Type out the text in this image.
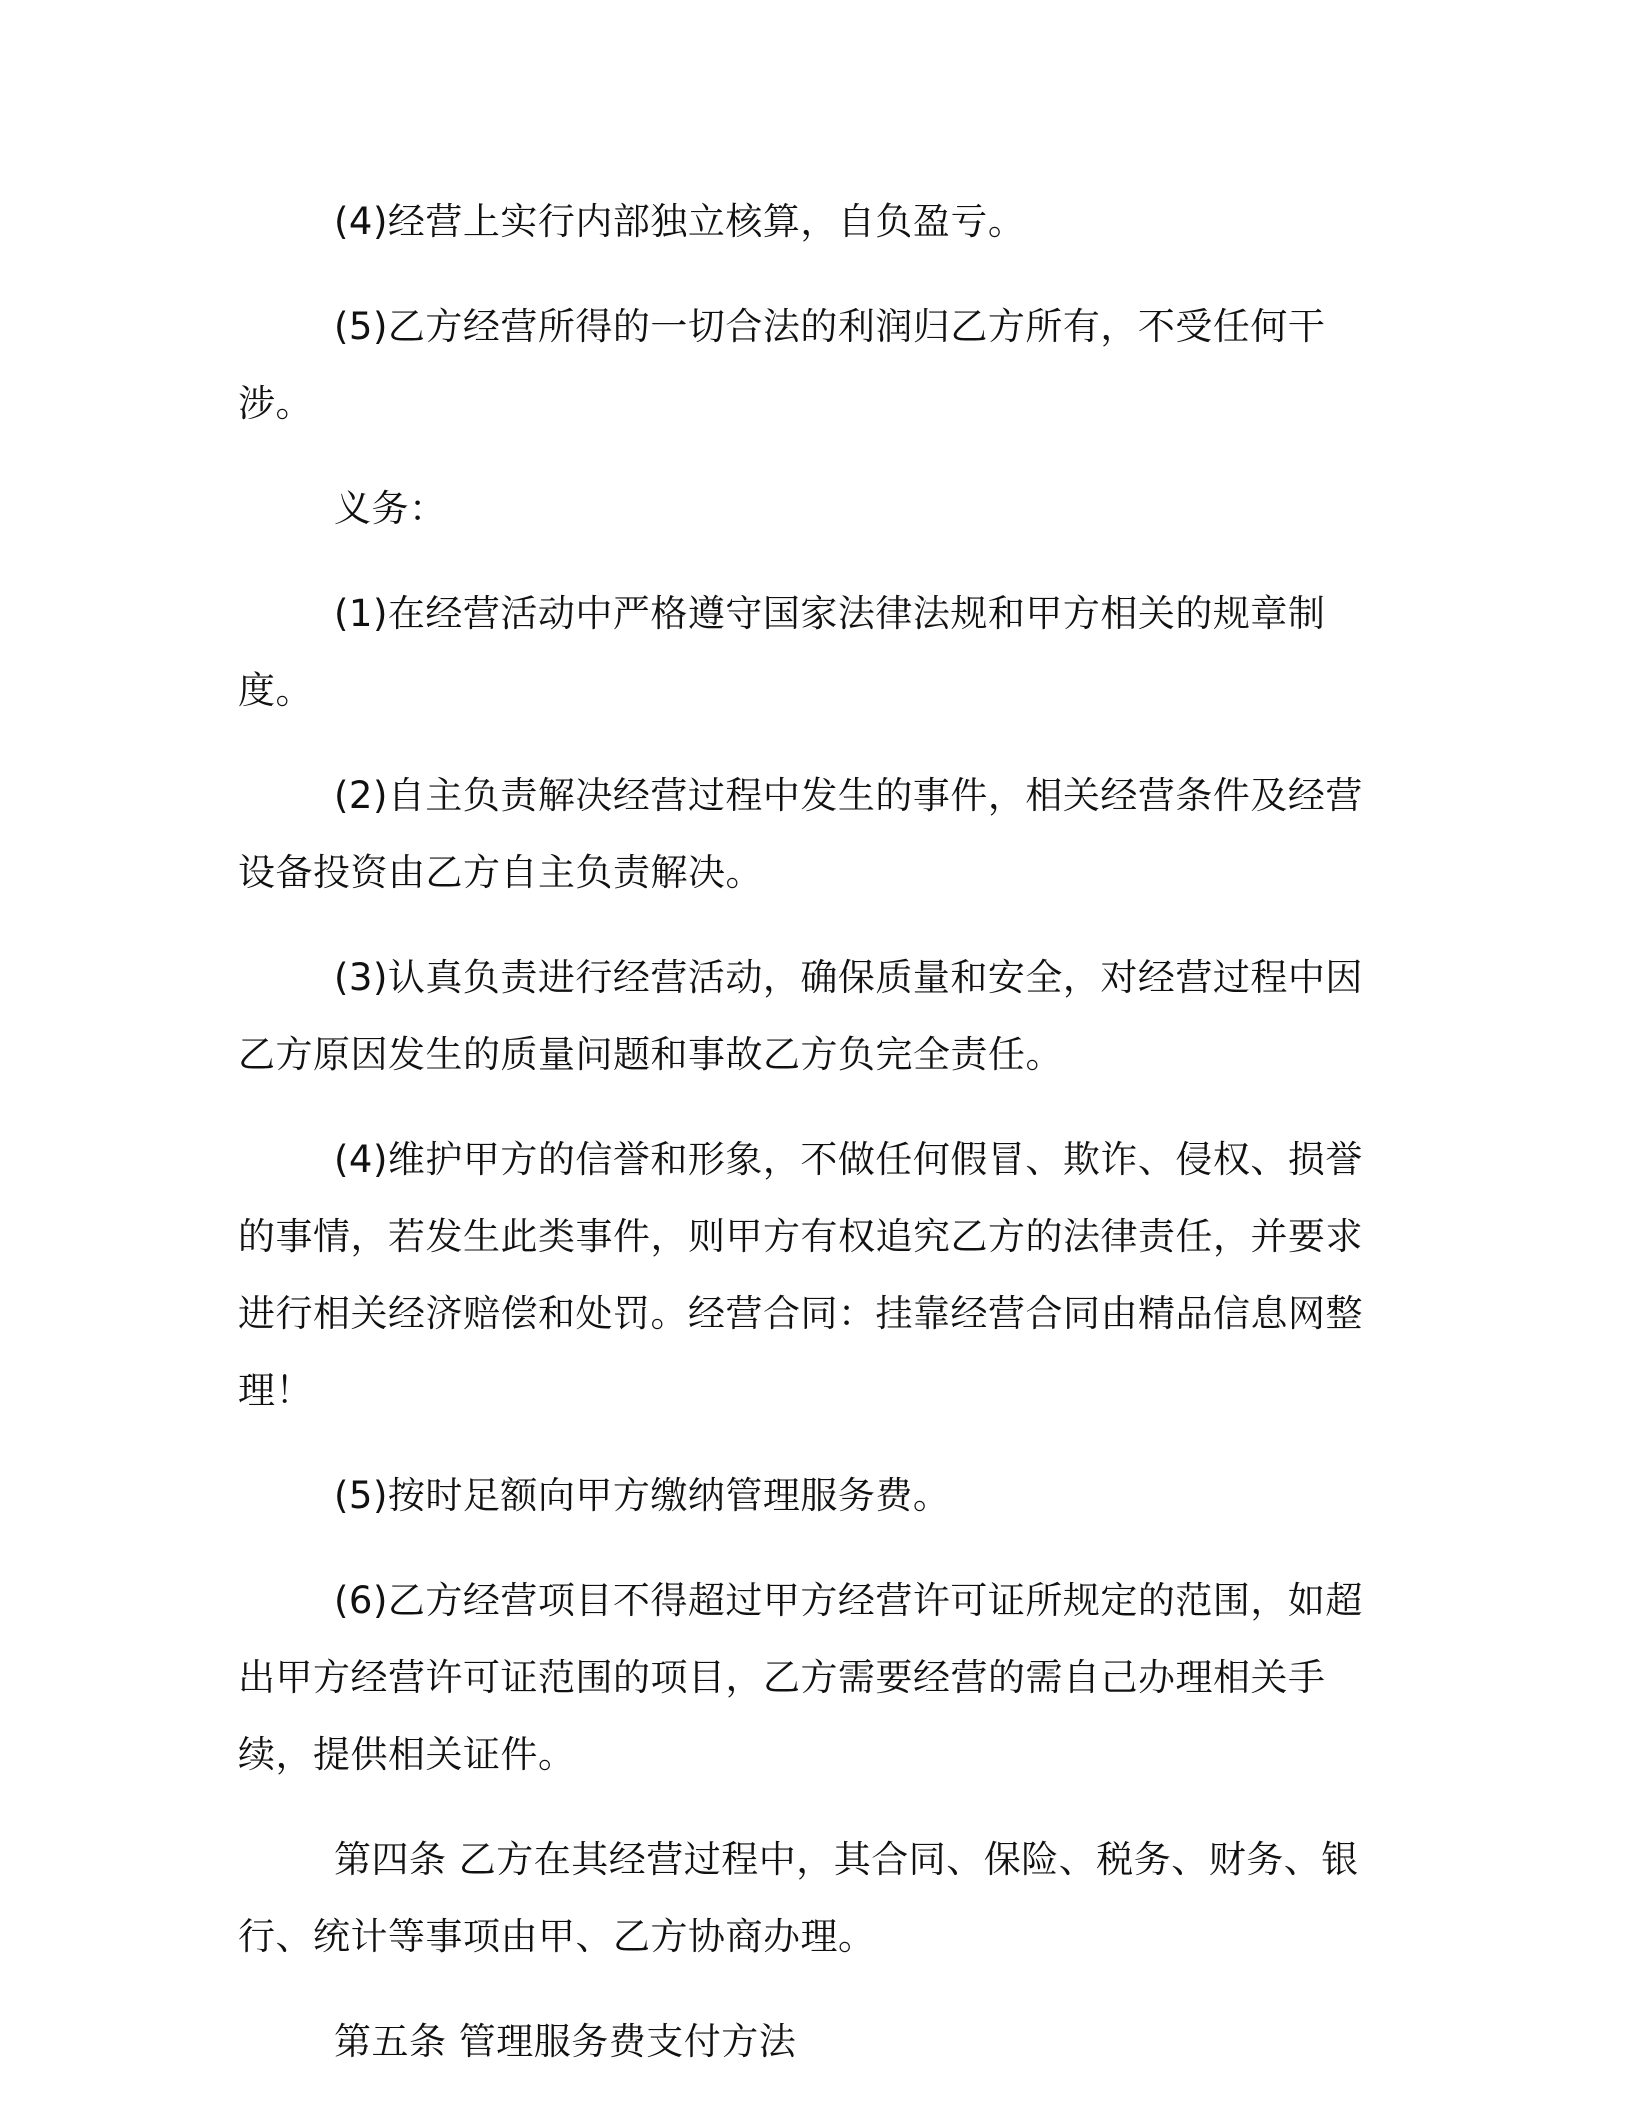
(4)经营上实行内部独立核算，自负盈亏。

(5)乙方经营所得的一切合法的利润归乙方所有，不受任何干涉。

义务：

(1)在经营活动中严格遵守国家法律法规和甲方相关的规章制度。

(2)自主负责解决经营过程中发生的事件，相关经营条件及经营设备投资由乙方自主负责解决。

(3)认真负责进行经营活动，确保质量和安全，对经营过程中因乙方原因发生的质量问题和事故乙方负完全责任。

(4)维护甲方的信誉和形象，不做任何假冒、欺诈、侵权、损誉的事情，若发生此类事件，则甲方有权追究乙方的法律责任，并要求进行相关经济赔偿和处罚。经营合同：挂靠经营合同由精品信息网整理！

(5)按时足额向甲方缴纳管理服务费。

(6)乙方经营项目不得超过甲方经营许可证所规定的范围，如超出甲方经营许可证范围的项目，乙方需要经营的需自己办理相关手续，提供相关证件。

第四条 乙方在其经营过程中，其合同、保险、税务、财务、银行、统计等事项由甲、乙方协商办理。

第五条 管理服务费支付方法
